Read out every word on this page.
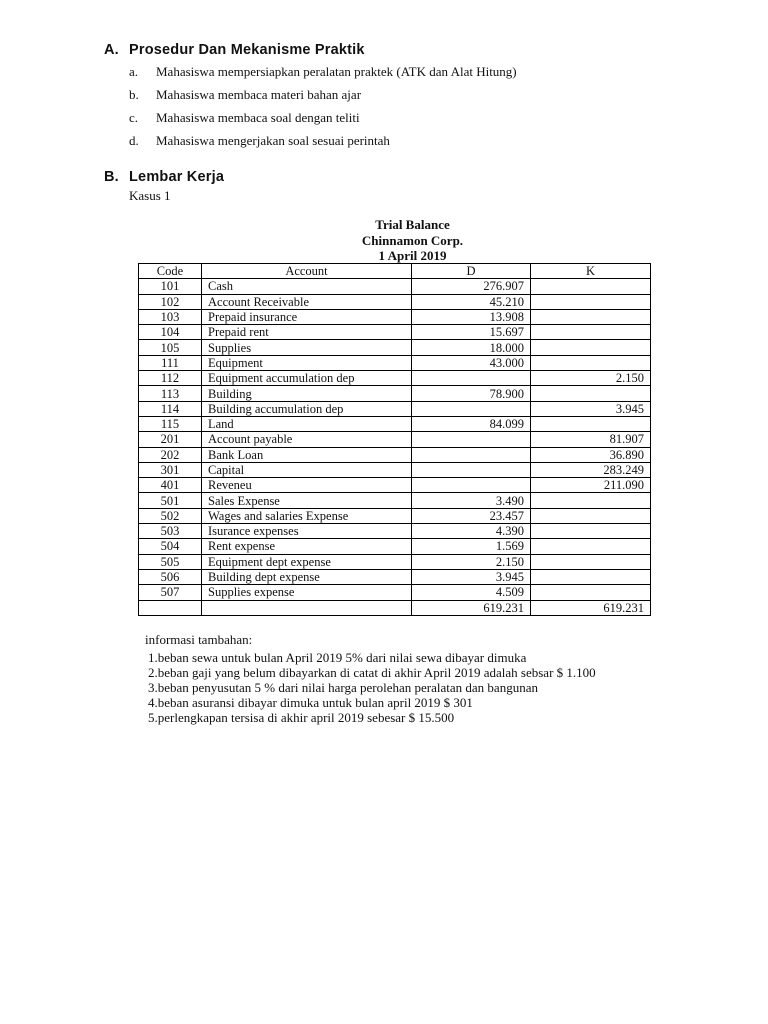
A. Prosedur Dan Mekanisme Praktik
a. Mahasiswa mempersiapkan peralatan praktek (ATK dan Alat Hitung)
b. Mahasiswa membaca materi bahan ajar
c. Mahasiswa membaca soal dengan teliti
d. Mahasiswa mengerjakan soal sesuai perintah
B. Lembar Kerja
Kasus 1
Trial Balance
Chinnamon Corp.
1 April 2019
Code	Account	D	K
101	Cash	276.907	
102	Account Receivable	45.210	
103	Prepaid insurance	13.908	
104	Prepaid rent	15.697	
105	Supplies	18.000	
111	Equipment	43.000	
112	Equipment accumulation dep		2.150
113	Building	78.900	
114	Building accumulation dep		3.945
115	Land	84.099	
201	Account payable		81.907
202	Bank Loan		36.890
301	Capital		283.249
401	Reveneu		211.090
501	Sales Expense	3.490	
502	Wages and salaries Expense	23.457	
503	Isurance expenses	4.390	
504	Rent expense	1.569	
505	Equipment dept expense	2.150	
506	Building dept expense	3.945	
507	Supplies expense	4.509	
		619.231	619.231
informasi tambahan:
1.beban sewa untuk bulan April 2019 5% dari nilai sewa dibayar dimuka
2.beban gaji yang belum dibayarkan di catat di akhir April 2019 adalah sebsar $ 1.100
3.beban penyusutan 5 % dari nilai harga perolehan peralatan dan bangunan
4.beban asuransi dibayar dimuka untuk bulan april 2019 $ 301
5.perlengkapan tersisa di akhir april 2019 sebesar $ 15.500
